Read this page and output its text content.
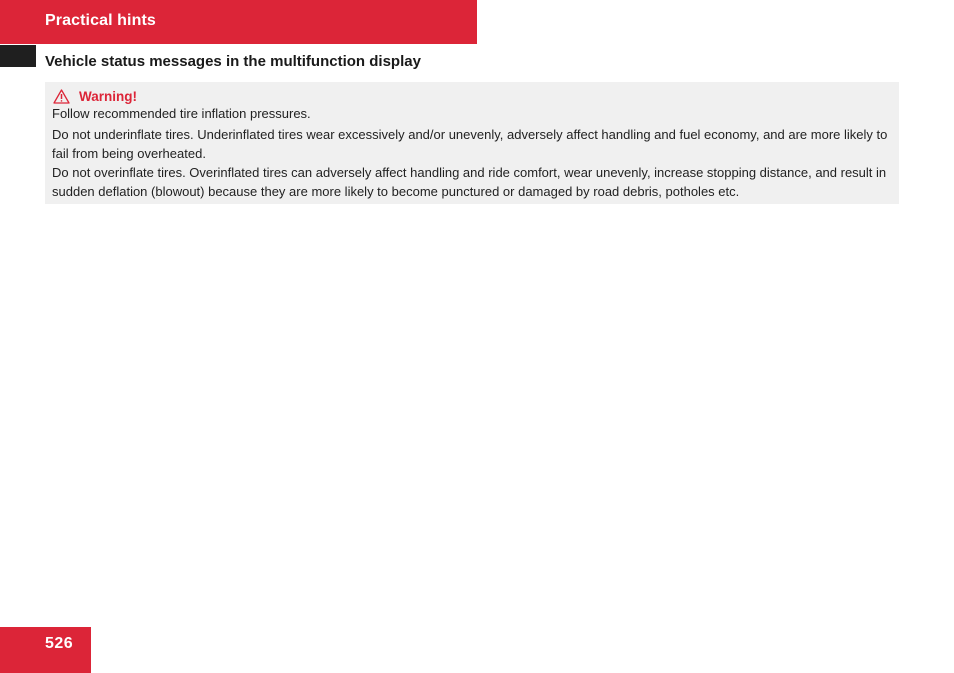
Practical hints
Vehicle status messages in the multifunction display
Warning!

Follow recommended tire inflation pressures.

Do not underinflate tires. Underinflated tires wear excessively and/or unevenly, adversely affect handling and fuel economy, and are more likely to fail from being overheated.

Do not overinflate tires. Overinflated tires can adversely affect handling and ride comfort, wear unevenly, increase stopping distance, and result in sudden deflation (blowout) because they are more likely to become punctured or damaged by road debris, potholes etc.

526
